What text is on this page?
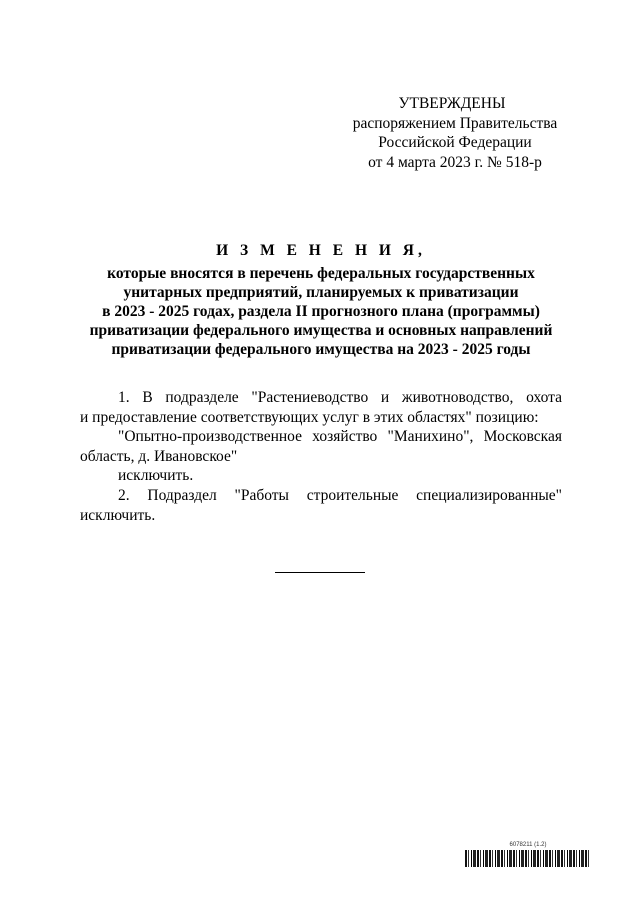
УТВЕРЖДЕНЫ
распоряжением Правительства
Российской Федерации
от 4 марта 2023 г. № 518-р
И З М Е Н Е Н И Я,
которые вносятся в перечень федеральных государственных
унитарных предприятий, планируемых к приватизации
в 2023 - 2025 годах, раздела II прогнозного плана (программы)
приватизации федерального имущества и основных направлений
приватизации федерального имущества на 2023 - 2025 годы
1. В подразделе "Растениеводство и животноводство, охота
и предоставление соответствующих услуг в этих областях" позицию:
"Опытно-производственное хозяйство "Манихино", Московская
область, д. Ивановское"
исключить.
2. Подраздел "Работы строительные специализированные"
исключить.
6078211 (1.2)
